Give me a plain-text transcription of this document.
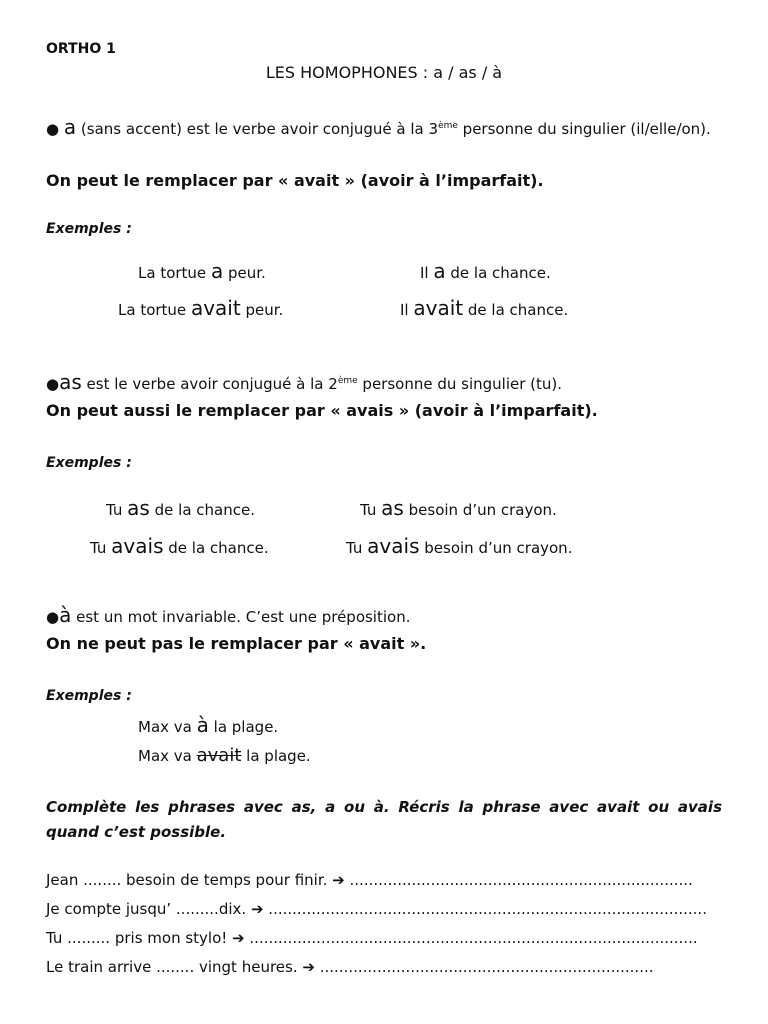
ORTHO 1
LES HOMOPHONES : a / as / à
● a (sans accent) est le verbe avoir conjugué à la 3ème personne du singulier (il/elle/on).
On peut le remplacer par « avait » (avoir à l’imparfait).
Exemples :
La tortue a peur.	Il a de la chance.
La tortue avait peur.	Il avait de la chance.
●as est le verbe avoir conjugué à la 2ème personne du singulier (tu).
On peut aussi le remplacer par « avais » (avoir à l’imparfait).
Exemples :
Tu as de la chance.	Tu as besoin d’un crayon.
Tu avais de la chance.	Tu avais besoin d’un crayon.
●à est un mot invariable. C’est une préposition.
On ne peut pas le remplacer par « avait ».
Exemples :
Max va à la plage.
Max va avait la plage.
Complète les phrases avec as, a ou à. Récris la phrase avec avait ou avais quand c’est possible.
Jean ........ besoin de temps pour finir. ➔ ........................................................................
Je compte jusqu’ .........dix. ➔ ............................................................................................
Tu ......... pris mon stylo! ➔ ..............................................................................................
Le train arrive ........ vingt heures. ➔ ......................................................................
